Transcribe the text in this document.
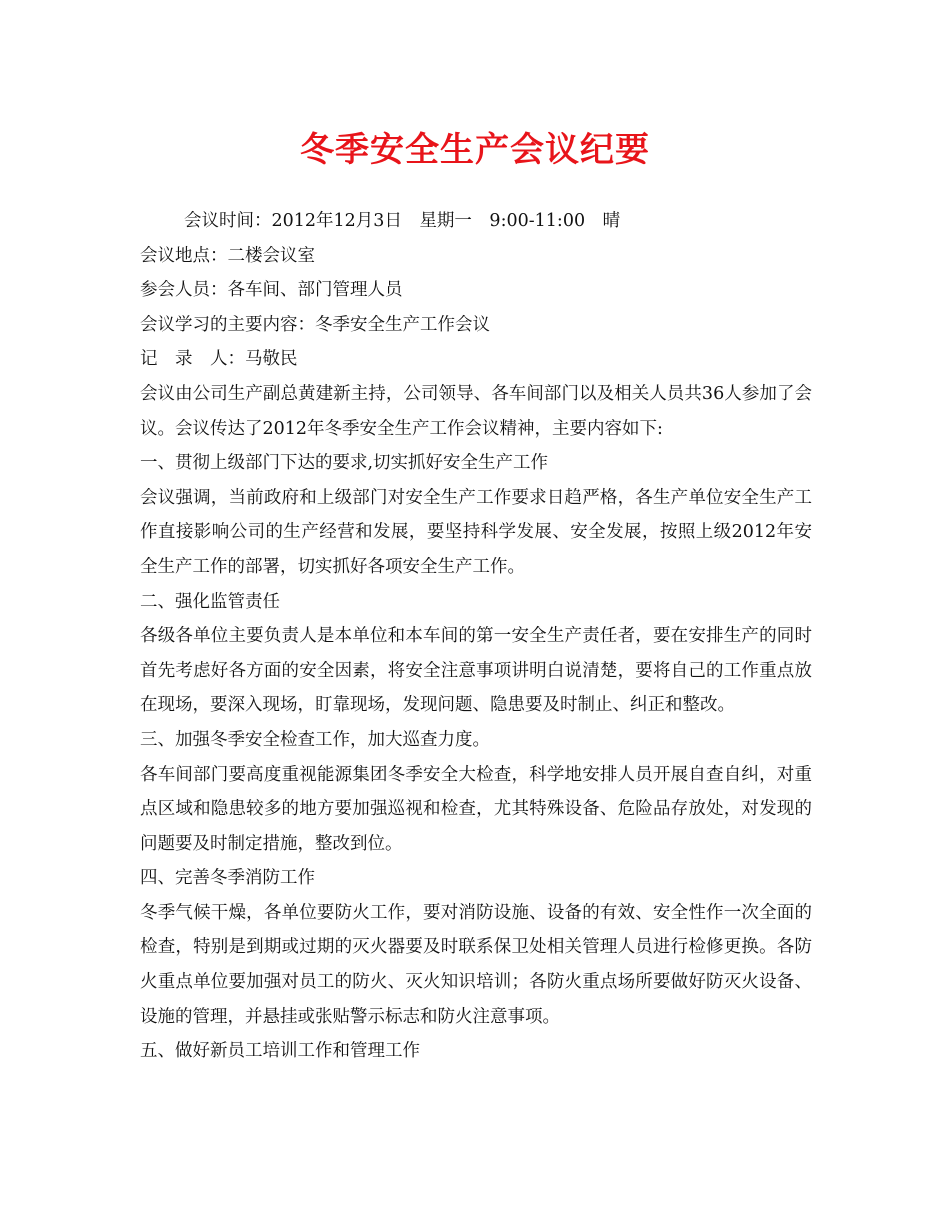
冬季安全生产会议纪要
会议时间：2012年12月3日　星期一　9:00-11:00　晴
会议地点：二楼会议室
参会人员：各车间、部门管理人员
会议学习的主要内容：冬季安全生产工作会议
记　录　人：马敬民
会议由公司生产副总黄建新主持，公司领导、各车间部门以及相关人员共36人参加了会议。会议传达了2012年冬季安全生产工作会议精神，主要内容如下:
一、贯彻上级部门下达的要求,切实抓好安全生产工作
会议强调，当前政府和上级部门对安全生产工作要求日趋严格，各生产单位安全生产工作直接影响公司的生产经营和发展，要坚持科学发展、安全发展，按照上级2012年安全生产工作的部署，切实抓好各项安全生产工作。
二、强化监管责任
各级各单位主要负责人是本单位和本车间的第一安全生产责任者，要在安排生产的同时首先考虑好各方面的安全因素，将安全注意事项讲明白说清楚，要将自己的工作重点放在现场，要深入现场，盯靠现场，发现问题、隐患要及时制止、纠正和整改。
三、加强冬季安全检查工作，加大巡查力度。
各车间部门要高度重视能源集团冬季安全大检查，科学地安排人员开展自查自纠，对重点区域和隐患较多的地方要加强巡视和检查，尤其特殊设备、危险品存放处，对发现的问题要及时制定措施，整改到位。
四、完善冬季消防工作
冬季气候干燥，各单位要防火工作，要对消防设施、设备的有效、安全性作一次全面的检查，特别是到期或过期的灭火器要及时联系保卫处相关管理人员进行检修更换。各防火重点单位要加强对员工的防火、灭火知识培训；各防火重点场所要做好防灭火设备、设施的管理，并悬挂或张贴警示标志和防火注意事项。
五、做好新员工培训工作和管理工作
